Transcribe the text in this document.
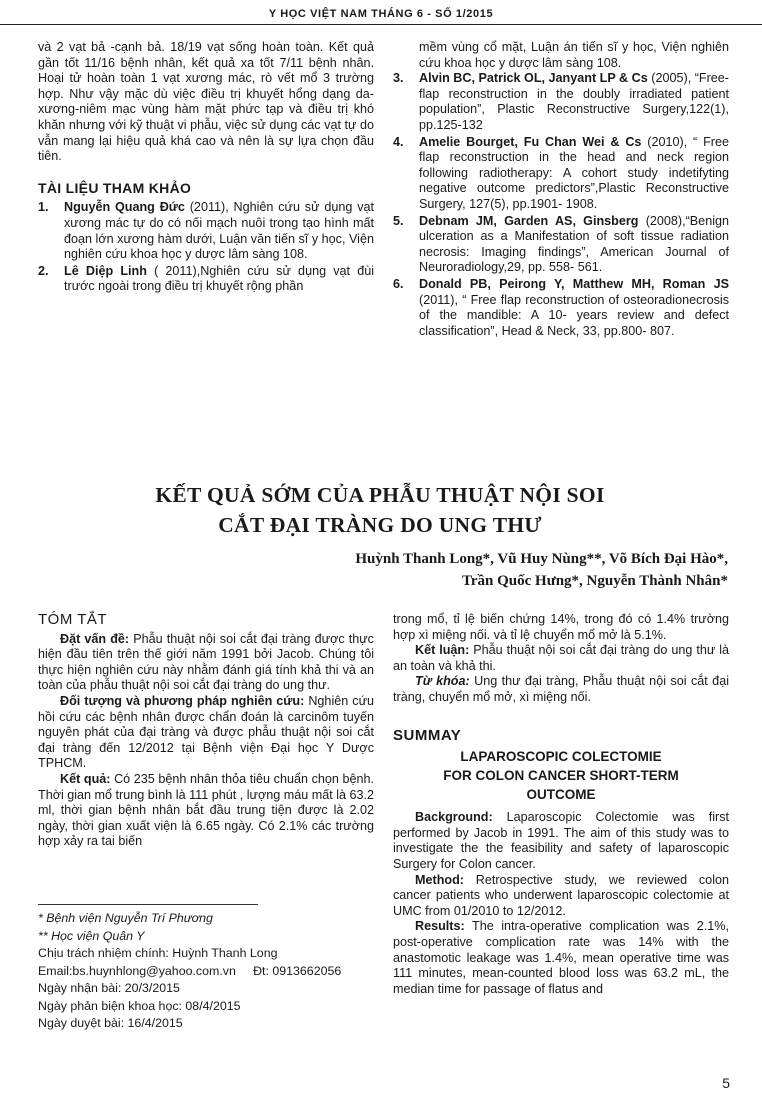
Y HỌC VIỆT NAM THÁNG 6 - SỐ 1/2015

và 2 vạt bả -cạnh bả. 18/19 vạt sống hoàn toàn. Kết quả gần tốt 11/16 bệnh nhân, kết quả xa tốt 7/11 bệnh nhân. Hoại tử hoàn toàn 1 vạt xương mác, rò vết mổ 3 trường hợp. Như vậy mặc dù việc điều trị khuyết hổng dạng da-xương-niêm mạc vùng hàm mặt phức tạp và điều trị khó khăn nhưng với kỹ thuật vi phẫu, việc sử dụng các vạt tự do vẫn mang lại hiệu quả khá cao và nên là sự lựa chọn đầu tiên.

TÀI LIỆU THAM KHẢO
1. Nguyễn Quang Đức (2011), Nghiên cứu sử dụng vạt xương mác tự do có nối mạch nuôi trong tạo hình mất đoạn lớn xương hàm dưới, Luận văn tiến sĩ y học, Viện nghiên cứu khoa học y dược lâm sàng 108.
2. Lê Diệp Linh ( 2011),Nghiên cứu sử dụng vạt đùi trước ngoài trong điều trị khuyết rộng phần

mềm vùng cổ mặt, Luận án tiến sĩ y học, Viện nghiên cứu khoa học y dược lâm sàng 108.

3. Alvin BC, Patrick OL, Janyant LP & Cs (2005), “Free- flap reconstruction in the doubly irradiated patient population”, Plastic Reconstructive Surgery,122(1), pp.125-132
4. Amelie Bourget, Fu Chan Wei & Cs (2010), “ Free flap reconstruction in the head and neck region following radiotherapy: A cohort study indetifyting negative outcome predictors”,Plastic Reconstructive Surgery, 127(5), pp.1901- 1908.
5. Debnam JM, Garden AS, Ginsberg (2008),“Benign ulceration as a Manifestation of soft tissue radiation necrosis: Imaging findings”, American Journal of Neuroradiology,29, pp. 558- 561.
6. Donald PB, Peirong Y, Matthew MH, Roman JS (2011), “ Free flap reconstruction of osteoradionecrosis of the mandible: A 10- years review and defect classification”, Head & Neck, 33, pp.800- 807.
KẾT QUẢ SỚM CỦA PHẪU THUẬT NỘI SOI
CẮT ĐẠI TRÀNG DO UNG THƯ
Huỳnh Thanh Long*, Vũ Huy Nùng**, Võ Bích Đại Hào*,
Trần Quốc Hưng*, Nguyễn Thành Nhân*
TÓM TẮT

Đặt vấn đề: Phẫu thuật nội soi cắt đại tràng được thực hiện đầu tiên trên thế giới năm 1991 bởi Jacob. Chúng tôi thực hiện nghiên cứu này nhằm đánh giá tính khả thi và an toàn của phẫu thuật nội soi cắt đại tràng do ung thư.

Đối tượng và phương pháp nghiên cứu: Nghiên cứu hồi cứu các bệnh nhân được chẩn đoán là carcinôm tuyến nguyên phát của đại tràng và được phẫu thuật nội soi cắt đại tràng đến 12/2012 tại Bệnh viện Đại học Y Dược TPHCM.

Kết quả: Có 235 bệnh nhân thỏa tiêu chuẩn chọn bệnh. Thời gian mổ trung bình là 111 phút , lượng máu mất là 63.2 ml, thời gian bệnh nhân bắt đầu trung tiện được là 2.02 ngày, thời gian xuất viện là 6.65 ngày. Có 2.1% các trường hợp xảy ra tai biến

trong mổ, tỉ lệ biến chứng 14%, trong đó có 1.4% trường hợp xì miệng nối. và tỉ lệ chuyển mổ mở là 5.1%.

Kết luận: Phẫu thuật nội soi cắt đại tràng do ung thư là an toàn và khả thi.

Từ khóa: Ung thư đại tràng, Phẫu thuật nội soi cắt đại tràng, chuyển mổ mở, xì miệng nối.

SUMMAY
LAPAROSCOPIC COLECTOMIE
FOR COLON CANCER SHORT-TERM
OUTCOME

Background: Laparoscopic Colectomie was first performed by Jacob in 1991. The aim of this study was to investigate the the feasibility and safety of laparoscopic Surgery for Colon cancer.

Method: Retrospective study, we reviewed colon cancer patients who underwent laparoscopic colectomie at UMC from 01/2010 to 12/2012.

Results: The intra-operative complication was 2.1%, post-operative complication rate was 14% with the anastomotic leakage was 1.4%, mean operative time was 111 minutes, mean-counted blood loss was 63.2 mL, the median time for passage of flatus and

* Bệnh viện Nguyễn Trí Phương
** Học viện Quân Y
Chịu trách nhiệm chính: Huỳnh Thanh Long
Email:bs.huynhlong@yahoo.com.vn Đt: 0913662056
Ngày nhận bài: 20/3/2015
Ngày phản biện khoa học: 08/4/2015
Ngày duyệt bài: 16/4/2015
5
